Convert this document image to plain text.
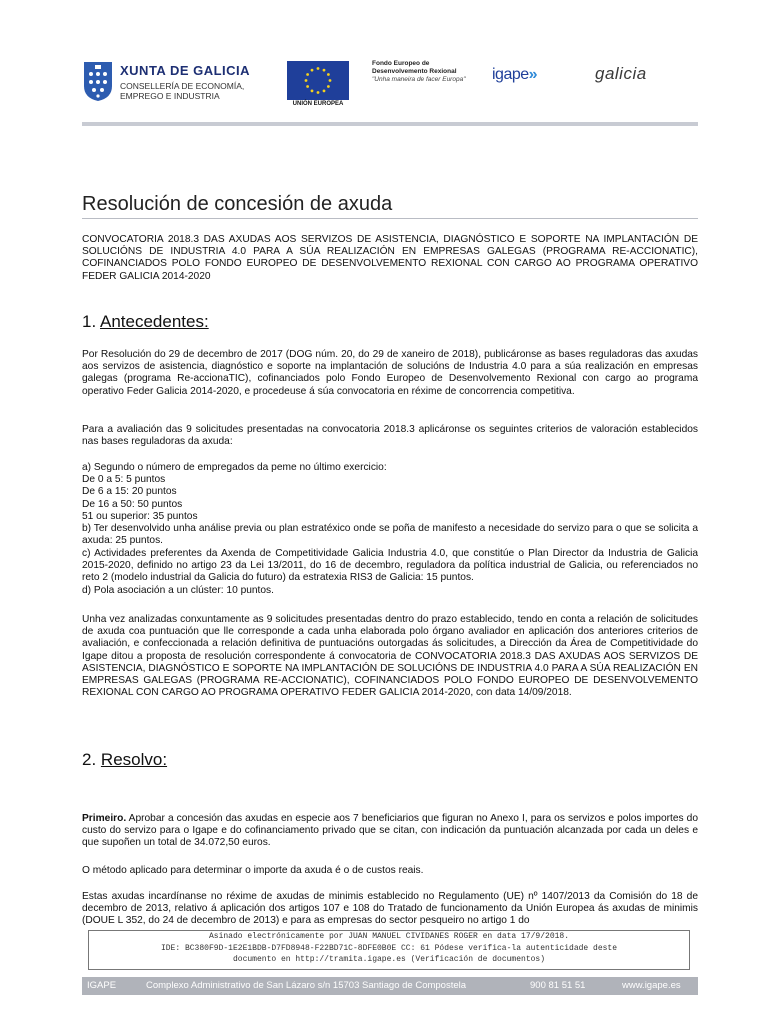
XUNTA DE GALICIA
CONSELLERÍA DE ECONOMÍA, EMPREGO E INDUSTRIA
UNIÓN EUROPEA
Fondo Europeo de
Desenvolvemento Rexional
"Unha maneira de facer Europa"	igape»	galicia
Resolución de concesión de axuda

CONVOCATORIA 2018.3 DAS AXUDAS AOS SERVIZOS DE ASISTENCIA, DIAGNÓSTICO E SOPORTE NA IMPLANTACIÓN DE SOLUCIÓNS DE INDUSTRIA 4.0 PARA A SÚA REALIZACIÓN EN EMPRESAS GALEGAS (PROGRAMA RE-ACCIONATIC), COFINANCIADOS POLO FONDO EUROPEO DE DESENVOLVEMENTO REXIONAL CON CARGO AO PROGRAMA OPERATIVO FEDER GALICIA 2014-2020

1. Antecedentes:

Por Resolución do 29 de decembro de 2017 (DOG núm. 20, do 29 de xaneiro de 2018), publicáronse as bases reguladoras das axudas aos servizos de asistencia, diagnóstico e soporte na implantación de solucións de Industria 4.0 para a súa realización en empresas galegas (programa Re-accionaTIC), cofinanciados polo Fondo Europeo de Desenvolvemento Rexional con cargo ao programa operativo Feder Galicia 2014-2020, e procedeuse á súa convocatoria en réxime de concorrencia competitiva.

Para a avaliación das 9 solicitudes presentadas na convocatoria 2018.3 aplicáronse os seguintes criterios de valoración establecidos nas bases reguladoras da axuda:

a) Segundo o número de empregados da peme no último exercicio:
De 0 a 5: 5 puntos
De 6 a 15: 20 puntos
De 16 a 50: 50 puntos
51 ou superior: 35 puntos

b) Ter desenvolvido unha análise previa ou plan estratéxico onde se poña de manifesto a necesidade do servizo para o que se solicita a axuda: 25 puntos.

c) Actividades preferentes da Axenda de Competitividade Galicia Industria 4.0, que constitúe o Plan Director da Industria de Galicia 2015-2020, definido no artigo 23 da Lei 13/2011, do 16 de decembro, reguladora da política industrial de Galicia, ou referenciados no reto 2 (modelo industrial da Galicia do futuro) da estratexia RIS3 de Galicia: 15 puntos.

d) Pola asociación a un clúster: 10 puntos.

Unha vez analizadas conxuntamente as 9 solicitudes presentadas dentro do prazo establecido, tendo en conta a relación de solicitudes de axuda coa puntuación que lle corresponde a cada unha elaborada polo órgano avaliador en aplicación dos anteriores criterios de avaliación, e confeccionada a relación definitiva de puntuacións outorgadas ás solicitudes, a Dirección da Área de Competitividade do Igape ditou a proposta de resolución correspondente á convocatoria de CONVOCATORIA 2018.3 DAS AXUDAS AOS SERVIZOS DE ASISTENCIA, DIAGNÓSTICO E SOPORTE NA IMPLANTACIÓN DE SOLUCIÓNS DE INDUSTRIA 4.0 PARA A SÚA REALIZACIÓN EN EMPRESAS GALEGAS (PROGRAMA RE-ACCIONATIC), COFINANCIADOS POLO FONDO EUROPEO DE DESENVOLVEMENTO REXIONAL CON CARGO AO PROGRAMA OPERATIVO FEDER GALICIA 2014-2020, con data 14/09/2018.

2. Resolvo:

Primeiro. Aprobar a concesión das axudas en especie aos 7 beneficiarios que figuran no Anexo I, para os servizos e polos importes do custo do servizo para o Igape e do cofinanciamento privado que se citan, con indicación da puntuación alcanzada por cada un deles e que supoñen un total de 34.072,50 euros.

O método aplicado para determinar o importe da axuda é o de custos reais.

Estas axudas incardínanse no réxime de axudas de minimis establecido no Regulamento (UE) nº 1407/2013 da Comisión do 18 de decembro de 2013, relativo á aplicación dos artigos 107 e 108 do Tratado de funcionamento da Unión Europea ás axudas de minimis (DOUE L 352, do 24 de decembro de 2013) e para as empresas do sector pesqueiro no artigo 1 do

Asinado electrónicamente por JUAN MANUEL CIVIDANES ROGER en data 17/9/2018.
IDE: BC380F9D-1E2E1BDB-D7FD8948-F22BD71C-8DFE0B0E CC: 61 Pódese verifica-la autenticidade deste
documento en http://tramita.igape.es (Verificación de documentos)
IGAPE	Complexo Administrativo de San Lázaro s/n 15703 Santiago de Compostela	900 81 51 51	www.igape.es
